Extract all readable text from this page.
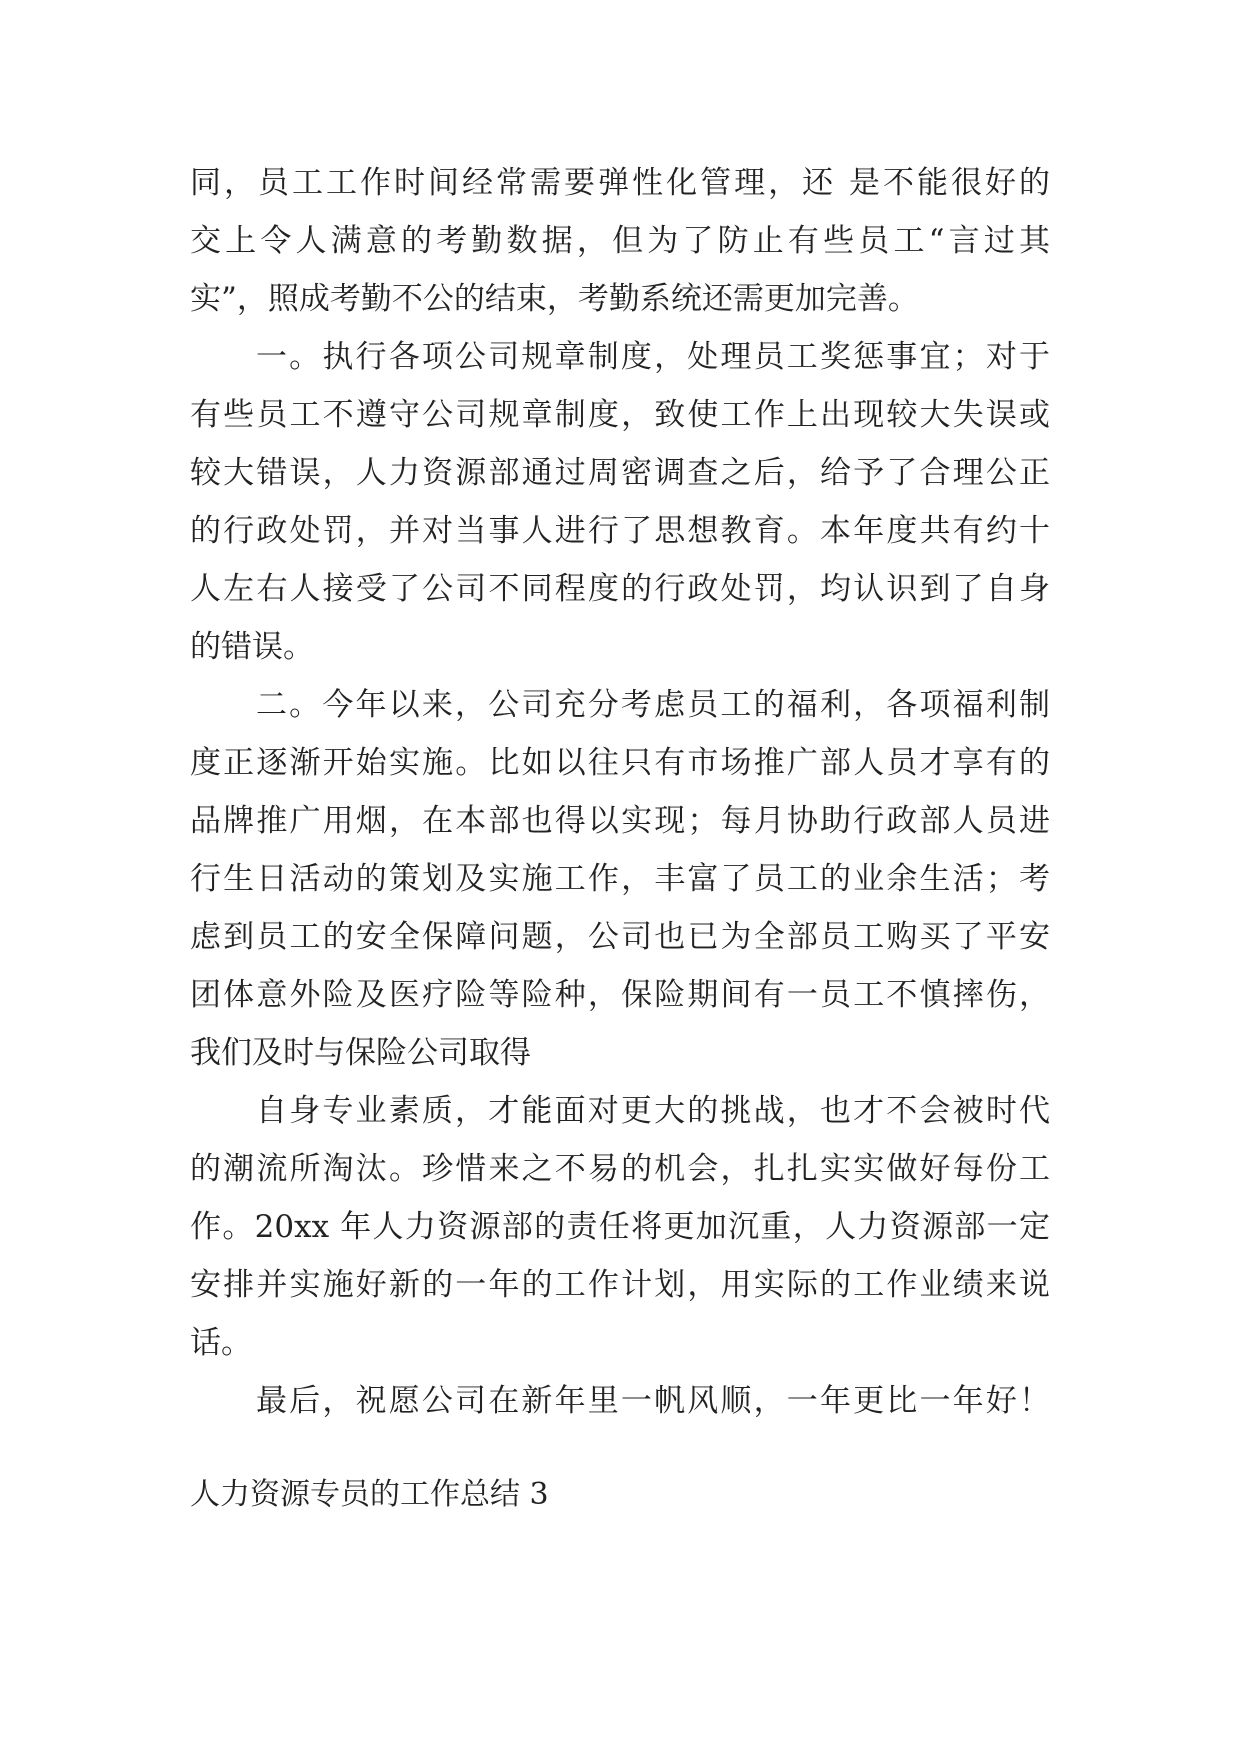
同，员工工作时间经常需要弹性化管理，还 是不能很好的
交上令人满意的考勤数据，但为了防止有些员工“言过其
实”，照成考勤不公的结束，考勤系统还需更加完善。
一。执行各项公司规章制度，处理员工奖惩事宜；对于
有些员工不遵守公司规章制度，致使工作上出现较大失误或
较大错误，人力资源部通过周密调查之后，给予了合理公正
的行政处罚，并对当事人进行了思想教育。本年度共有约十
人左右人接受了公司不同程度的行政处罚，均认识到了自身
的错误。
二。今年以来，公司充分考虑员工的福利，各项福利制
度正逐渐开始实施。比如以往只有市场推广部人员才享有的
品牌推广用烟，在本部也得以实现；每月协助行政部人员进
行生日活动的策划及实施工作，丰富了员工的业余生活；考
虑到员工的安全保障问题，公司也已为全部员工购买了平安
团体意外险及医疗险等险种，保险期间有一员工不慎摔伤，
我们及时与保险公司取得
自身专业素质，才能面对更大的挑战，也才不会被时代
的潮流所淘汰。珍惜来之不易的机会，扎扎实实做好每份工
作。20xx 年人力资源部的责任将更加沉重，人力资源部一定
安排并实施好新的一年的工作计划，用实际的工作业绩来说
话。
最后，祝愿公司在新年里一帆风顺，一年更比一年好！
人力资源专员的工作总结 3
